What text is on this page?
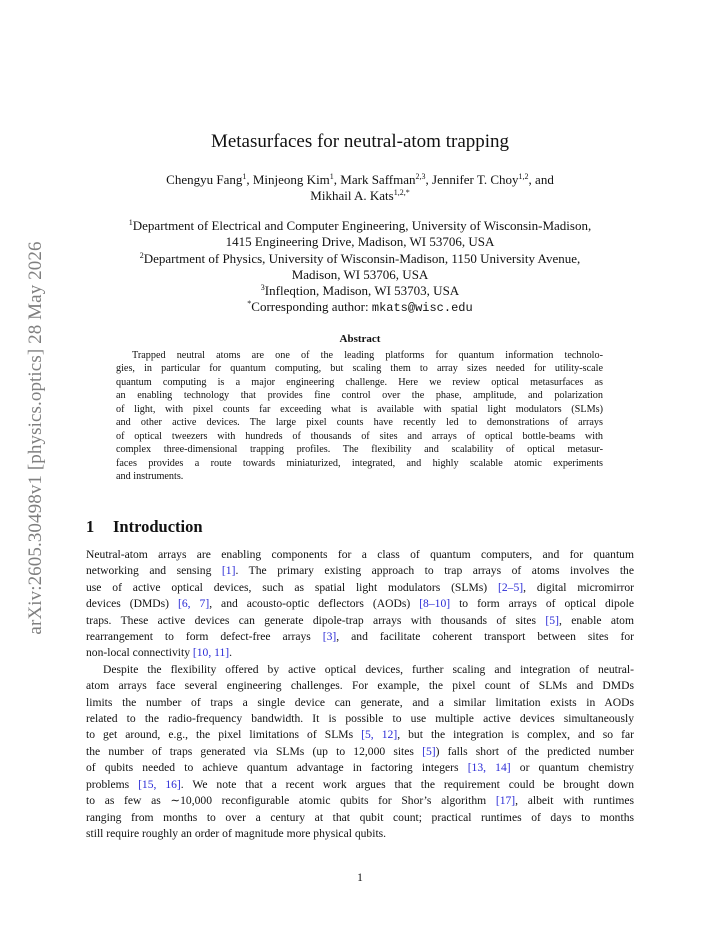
arXiv:2605.30498v1 [physics.optics] 28 May 2026
Metasurfaces for neutral-atom trapping
Chengyu Fang$^1$, Minjeong Kim$^1$, Mark Saffman$^{2,3}$, Jennifer T. Choy$^{1,2}$, and
Mikhail A. Kats$^{1,2,*}$
$^1$Department of Electrical and Computer Engineering, University of Wisconsin-Madison,
1415 Engineering Drive, Madison, WI 53706, USA
$^2$Department of Physics, University of Wisconsin-Madison, 1150 University Avenue,
Madison, WI 53706, USA
$^3$Infleqtion, Madison, WI 53703, USA
*Corresponding author: mkats@wisc.edu
Abstract
Trapped neutral atoms are one of the leading platforms for quantum information technolo-
gies, in particular for quantum computing, but scaling them to array sizes needed for utility-scale
quantum computing is a major engineering challenge. Here we review optical metasurfaces as
an enabling technology that provides fine control over the phase, amplitude, and polarization
of light, with pixel counts far exceeding what is available with spatial light modulators (SLMs)
and other active devices. The large pixel counts have recently led to demonstrations of arrays
of optical tweezers with hundreds of thousands of sites and arrays of optical bottle-beams with
complex three-dimensional trapping profiles. The flexibility and scalability of optical metasur-
faces provides a route towards miniaturized, integrated, and highly scalable atomic experiments
and instruments.
1 Introduction
Neutral-atom arrays are enabling components for a class of quantum computers, and for quantum
networking and sensing [1]. The primary existing approach to trap arrays of atoms involves the
use of active optical devices, such as spatial light modulators (SLMs) [2–5], digital micromirror
devices (DMDs) [6, 7], and acousto-optic deflectors (AODs) [8–10] to form arrays of optical dipole
traps. These active devices can generate dipole-trap arrays with thousands of sites [5], enable atom
rearrangement to form defect-free arrays [3], and facilitate coherent transport between sites for
non-local connectivity [10, 11].
Despite the flexibility offered by active optical devices, further scaling and integration of neutral-
atom arrays face several engineering challenges. For example, the pixel count of SLMs and DMDs
limits the number of traps a single device can generate, and a similar limitation exists in AODs
related to the radio-frequency bandwidth. It is possible to use multiple active devices simultaneously
to get around, e.g., the pixel limitations of SLMs [5, 12], but the integration is complex, and so far
the number of traps generated via SLMs (up to 12,000 sites [5]) falls short of the predicted number
of qubits needed to achieve quantum advantage in factoring integers [13, 14] or quantum chemistry
problems [15, 16]. We note that a recent work argues that the requirement could be brought down
to as few as ∼10,000 reconfigurable atomic qubits for Shor’s algorithm [17], albeit with runtimes
ranging from months to over a century at that qubit count; practical runtimes of days to months
still require roughly an order of magnitude more physical qubits.
1
